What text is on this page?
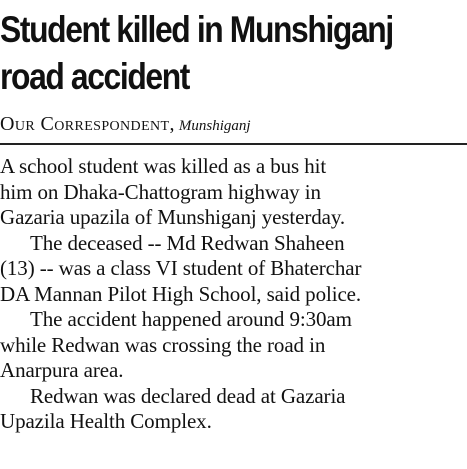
Student killed in Munshiganj
road accident
Our Correspondent, Munshiganj

A school student was killed as a bus hit
him on Dhaka-Chattogram highway in
Gazaria upazila of Munshiganj yesterday.

The deceased -- Md Redwan Shaheen
(13) -- was a class VI student of Bhaterchar
DA Mannan Pilot High School, said police.

The accident happened around 9:30am
while Redwan was crossing the road in
Anarpura area.

Redwan was declared dead at Gazaria
Upazila Health Complex.
